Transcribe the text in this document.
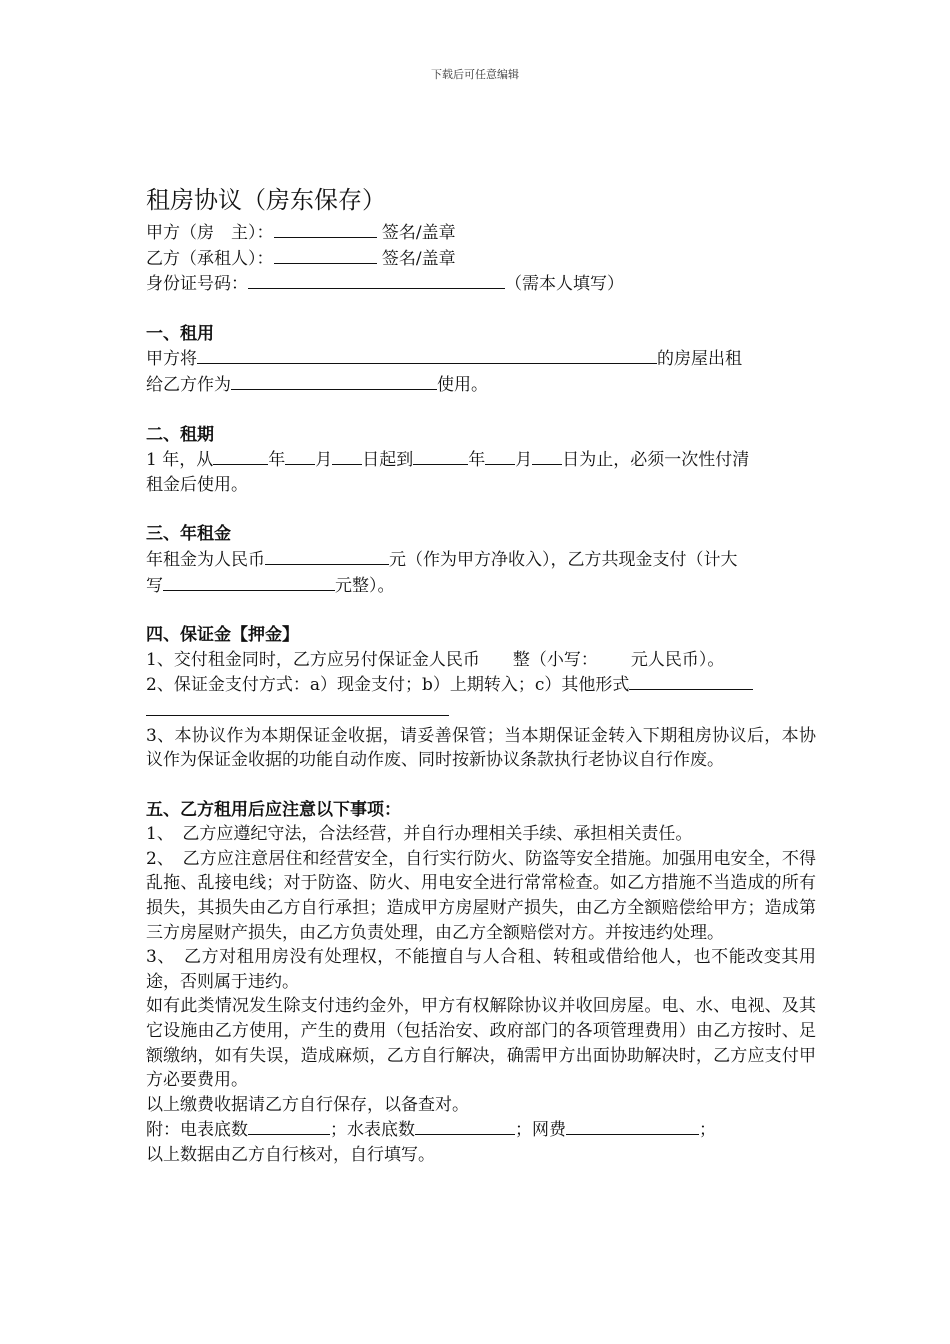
下载后可任意编辑
租房协议（房东保存）
甲方（房　主）：	签名/盖章
乙方（承租人）：	签名/盖章
身份证号码：	（需本人填写）
一、租用
甲方将	的房屋出租
给乙方作为	使用。
二、租期
1 年，从	年 月 日起到	年 月 日为止，必须一次性付清
租金后使用。
三、年租金
年租金为人民币	元（作为甲方净收入），乙方共现金支付（计大
写	元整）。
四、保证金【押金】
1、交付租金同时，乙方应另付保证金人民币 整（小写： 元人民币）。
2、保证金支付方式：a）现金支付；b）上期转入；c）其他形式
3、本协议作为本期保证金收据，请妥善保管；当本期保证金转入下期租房协议后，本协议作为保证金收据的功能自动作废、同时按新协议条款执行老协议自行作废。
五、乙方租用后应注意以下事项：
1、　乙方应遵纪守法，合法经营，并自行办理相关手续、承担相关责任。
2、　乙方应注意居住和经营安全，自行实行防火、防盗等安全措施。加强用电安全，不得乱拖、乱接电线；对于防盗、防火、用电安全进行常常检查。如乙方措施不当造成的所有损失，其损失由乙方自行承担；造成甲方房屋财产损失，由乙方全额赔偿给甲方；造成第三方房屋财产损失，由乙方负责处理，由乙方全额赔偿对方。并按违约处理。
3、　乙方对租用房没有处理权，不能擅自与人合租、转租或借给他人，也不能改变其用途，否则属于违约。
如有此类情况发生除支付违约金外，甲方有权解除协议并收回房屋。电、水、电视、及其它设施由乙方使用，产生的费用（包括治安、政府部门的各项管理费用）由乙方按时、足额缴纳，如有失误，造成麻烦，乙方自行解决，确需甲方出面协助解决时，乙方应支付甲方必要费用。
以上缴费收据请乙方自行保存，以备查对。
附：电表底数	；水表底数	；网费	；
以上数据由乙方自行核对，自行填写。
